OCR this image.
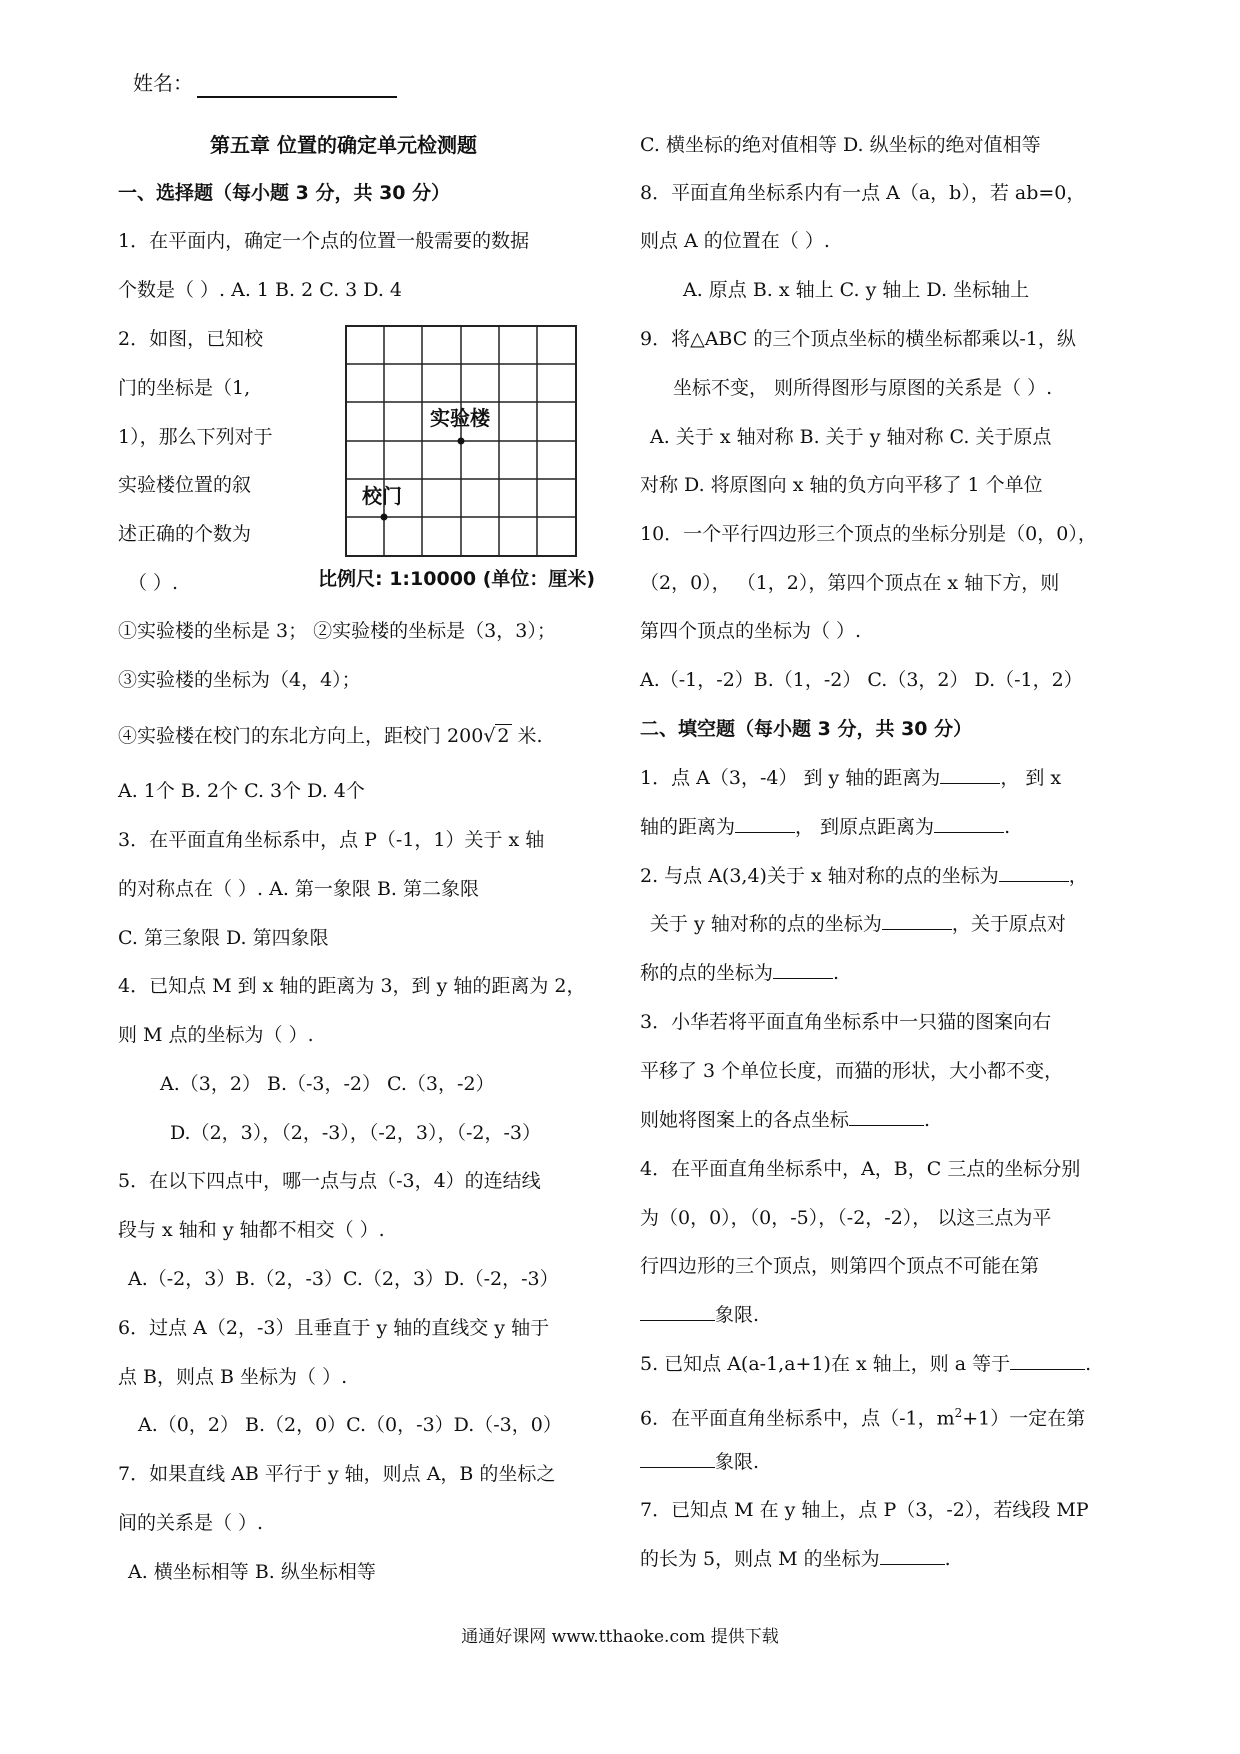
姓名：
第五章 位置的确定单元检测题
一、选择题（每小题 3 分，共 30 分）
1．在平面内，确定一个点的位置一般需要的数据
个数是（ ）. A. 1 B. 2 C. 3 D. 4
2．如图，已知校
门的坐标是（1,
1），那么下列对于
实验楼位置的叙
述正确的个数为
（ ）.
实验楼
校门
比例尺: 1:10000 (单位：厘米)
①实验楼的坐标是 3； ②实验楼的坐标是（3，3）；
③实验楼的坐标为（4，4）；
④实验楼在校门的东北方向上，距校门 200√ 2 米.
A. 1个 B. 2个 C. 3个 D. 4个
3．在平面直角坐标系中，点 P（-1，1）关于 x 轴
的对称点在（ ）. A. 第一象限 B. 第二象限
C. 第三象限 D. 第四象限
4．已知点 M 到 x 轴的距离为 3，到 y 轴的距离为 2，
则 M 点的坐标为（ ）.
A.（3，2） B.（-3，-2） C.（3，-2）
D.（2，3），（2，-3），（-2，3），（-2，-3）
5．在以下四点中，哪一点与点（-3，4）的连结线
段与 x 轴和 y 轴都不相交（ ）.
A.（-2，3）B.（2，-3）C.（2，3）D.（-2，-3）
6．过点 A（2，-3）且垂直于 y 轴的直线交 y 轴于
点 B，则点 B 坐标为（ ）.
A.（0，2） B.（2，0）C.（0，-3）D.（-3，0）
7．如果直线 AB 平行于 y 轴，则点 A，B 的坐标之
间的关系是（ ）.
A. 横坐标相等 B. 纵坐标相等
C. 横坐标的绝对值相等 D. 纵坐标的绝对值相等
8．平面直角坐标系内有一点 A（a，b），若 ab=0，
则点 A 的位置在（ ）.
A. 原点 B. x 轴上 C. y 轴上 D. 坐标轴上
9．将△ABC 的三个顶点坐标的横坐标都乘以-1，纵
坐标不变， 则所得图形与原图的关系是（ ）.
A. 关于 x 轴对称 B. 关于 y 轴对称 C. 关于原点
对称 D. 将原图向 x 轴的负方向平移了 1 个单位
10．一个平行四边形三个顶点的坐标分别是（0，0），
（2，0）， （1，2），第四个顶点在 x 轴下方，则
第四个顶点的坐标为（ ）.
A.（-1，-2）B.（1，-2） C.（3，2） D.（-1，2）
二、填空题（每小题 3 分，共 30 分）
1．点 A（3，-4） 到 y 轴的距离为	， 到 x
轴的距离为	， 到原点距离为	.
2. 与点 A(3,4)关于 x 轴对称的点的坐标为	，
关于 y 轴对称的点的坐标为	，关于原点对
称的点的坐标为	.
3．小华若将平面直角坐标系中一只猫的图案向右
平移了 3 个单位长度，而猫的形状，大小都不变，
则她将图案上的各点坐标	.
4．在平面直角坐标系中，A，B，C 三点的坐标分别
为（0，0），（0，-5），（-2，-2）， 以这三点为平
行四边形的三个顶点，则第四个顶点不可能在第
象限.
5. 已知点 A(a-1,a+1)在 x 轴上，则 a 等于	.
6．在平面直角坐标系中，点（-1，$m^2+1$）一定在第
象限.
7．已知点 M 在 y 轴上，点 P（3，-2），若线段 MP
的长为 5，则点 M 的坐标为	.
通通好课网 www.tthaoke.com 提供下载
